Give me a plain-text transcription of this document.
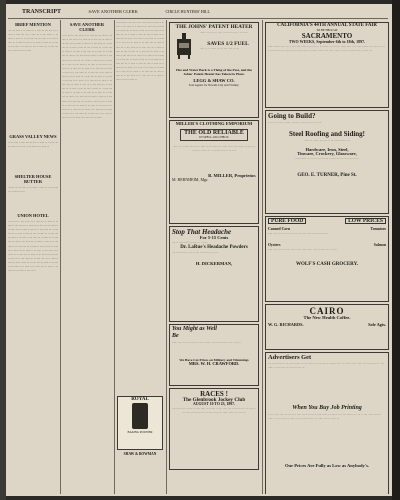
TRANSCRIPT	SAVE ANOTHER CLERK	CIRCLE HUNTERS' HILL
BRIEF MENTION
.. .. ... ..... .. ... ...... ... .. ..... ... .... ..... ... .. ...... .. ..... .... ... .. ...... ... .. .... ....... .. ... ...... .. ..... ... .. ... ..... .... ... ...... .. ... .... .. ..... ... .. ...... ... .... .. ... ...... .. ...... ... .. ..... ... .... ..... .. .. ..... ... .... .. ...... ... .. ..... .... ... .. ...... .... ... .. .....
GRASS VALLEY NEWS
.. ... ...... .. ..... .... ... ..... .. ...... ... .. ..... .... ... ...... .. ... ..... .. .... ..... ... .. ...... ...
SHELTER HOUSE BUTTER
.. ..... ... .... ..... .. ... ...... .. ..... ... .. .... ..... ... .. ...... ... ....
UNION HOTEL
.. ... ..... .. .... ...... ... .. ..... .... ... ...... .. ... ..... .. .... ..... ... .. ...... ... .. ..... .... ... ...... .. ... ..... .... ... ...... .. ..... ... .. .... ...... ... .. ..... .... ... .. ...... .. ..... ... .... .. ...... ... .. ..... .... ... ...... .. ... ..... .. .... ..... ... .. ...... ... .. ..... .... ... ...... .. ... ..... .... ... ...... .. ..... ... .. .... ...... ... .. ..... .... ... .. ...... .. ..... ... .... .. ...... ... .. ..... .... ... ...... .. ... ..... .. .... ..... ... .. ...... ... .. ..... .... ... ...... .. ... ..... .... ... ...... .. ..... ... .. .... ...... ... .. ..... .... ... .. ...... .. ..... ... .... .. ...... ... .. ..... .... ... ...... .. ... ..... .. .... ..... ... .. ...... ... .. ..... .... ... ...... .. ... ..... .... ... ...... .. ..... ... ..
SAVE ANOTHER CLERK
.. ... ..... .. .... ...... ... .. ..... .... ... ...... .. ... ..... .. .... ..... ... .. ...... ... .. ..... .... ... ...... .. ... ..... .... ... ...... .. ..... ... .. .... ...... ... .. ..... .... ... .. ...... .. ..... ... .... .. ...... ... .. ..... .... ... ...... .. ... ..... .. .... ..... ... .. ...... ... .. ..... .... ... ...... .. ... ..... .... ... ...... .. ..... ... .. .... ...... ... .. ..... .... ... .. ...... .. ..... ... .... .. ...... ... .. ..... .... ... ...... .. ... ..... .. .... ..... ... .. ...... ... .. ..... .... ... ...... .. ... ..... .... ... ...... .. ..... ... .. .... ...... ... .. ..... .... ... .. ...... .. ..... ... .... .. ...... ... .. ..... .... ... ...... .. ... ..... .. .... ..... ... .. ...... ... .. ..... .... ... ...... .. ... ..... .... ... ...... .. ..... ... .. .... ...... ... .. ..... .... ... .. ...... .. ..... ... .... .. ...... ... .. ..... .... ... ...... .. ... ..... .. .... ..... ... .. ...... ... .. ..... .... ... ...... .. ... ..... .... ... ...... .. ..... ... .. .... ...... ... .. ..... .... ... .. ...... .. ..... ... .... .. ...... ... .. ..... .... ... ...... .. ... ..... .. .... ..... ... .. ...... ... .. ..... .... ... ...... .. ... ..... .... ... ...... .. ..... ... .. .... ...... ... .. ..... .... ... .. ...... .. ..... ... .... .. ...... ... .. ..... .... ... ......
.. ... ..... .. .... ...... ... .. ..... .... ... ...... .. ... ..... .. .... ..... ... .. ...... ... .. ..... .... ... ...... .. ... ..... .... ... ...... .. ..... ... .. .... ...... ... .. ..... .... ... .. ...... .. ..... ... .... .. ...... ... .. ..... .... ... ...... .. ... ..... .. .... ..... ... .. ...... ... .. ..... .... ... ...... .. ... ..... .... ... ...... .. ..... ... .. .... ...... ... .. ..... .... ... .. ...... .. ..... ... .... .. ...... ... .. ..... .... ... ...... .. ... ..... .. .... ..... ... .. ...... ... .. ..... .... ... ...... .. ... ..... .... ... ...... .. ..... ... .. .... ...... ... .. ..... .... ... .. ...... .. ..... ... .... .. ...... ... .. ..... .... ... ...... .. ... ..... .. .... ..... ... .. ...... ... .. ..... .... ... ...... .. ... ..... .... ... ...... .. ..... ... .. .... ...... ... .. ..... .... ... .. ...... .. ..... ... .... .. ...... ...
ROYAL
BAKING POWDER
SHAW & BOWMAN
THE JOHNS' PATENT HEATER
....... ... ..... .. ..... ... .... ....... .. ... .....
SAVES 1/2 FUEL
..... .. .. ....... ... ... ..... .... .. ....
Hot and Water Back is a Thing of the Past, and the Johns' Patent Heater has Taken its Place.
LEGG & SHAW CO.
Sole Agents for Nevada City and Vicinity.
MILLER'S CLOTHING EMPORIUM
THE OLD RELIABLE
IN SPELL-ON-CHECK
...... ... ........ ... ..... .. ..... ... ... ...... ... ...... ... .. .... ...... ... ..... ... ...... ... ...... ... .. ........ ..... .. ... ....
B. MILLER, Proprietor.
M. BERNHEIM, Mgr.
Stop That Headache
For 5-15 Cents
.... .. ..........'.. ....... ... . ......
Dr. LaRue's Headache Powders
.... ...... .... .. .... .. .... ... ...... ..... ....
H. DICKERMAN,
You Might as Well Be
...... .... ... ..... ...... .. ..... ....... ... ...... ..... ... .... .. ......
We Have Cut Prices on Military and Trimmings
MRS. W. H. CRAWFORD.
RACES !
The Glenbrook Jockey Club
AUGUST 10 TO 23, 1897.
.... ..... ..... ....... ... .... ..... ... ....... .. .... ..... .... ...... ... .... ... ..... .. ... ..... ....... .... ... ... ...... ..... ... ...... ...... ... .... ....
CALIFORNIA'S 44TH ANNUAL STATE FAIR
TO BE HELD AT
SACRAMENTO
TWO WEEKS, September 6th to 18th, 1897.
...... ....... ..... ... .. ..... .... ...... ... ..... .... .. ....... ... ..... ... ...... ..... .. .. ..... ....... .... ..... ... .... .. ..... ...... ... ..... ... .... ..... ...... .. ....... .... .. .... ..... ...... ... .... .. ..... ...... .. ..... ....
Going to Build?
.. .... .. ..... .. ...... . ...... .. ..... ... ..... .. .....
Steel Roofing and Siding!
..... ... ....... ... ..... .. ... ..... ........ ...
Hardware, Iron, Steel,
Tinware, Crockery, Glassware,
..... ....... ... ...... ..... ........ .. ..... ... .... ..... ...... ....
GEO. E. TURNER, Pine St.
PURE FOOD	LOW PRICES
Canned Corn	Tomatoes
..... .... ..... .... ... ... ..... .... .... .... ..... ..... .... ...
Oysters	Salmon
..... .... .... ..... .... ... .... ... ..... ...... ... .... ..... .... ... ....
WOLF'S CASH GROCERY.
CAIRO
The New Health Coffee.
W. G. RICHARDS.	Sole Agts.
Advertisers Get
.... ..... ...... .. ... ..... ....... ... .... ...... .. ..... .... ... ....... ..... ... ...... .... .. ..... ... ...... ..... ... .... ...... .. ..... .... ... .... ..... ... ...
When You Buy Job Printing
.. .... ..... ..... ... ...... .. ..... .... .... .... .. ..... ...... ... ...... ..... .... ....... ... .... .. .... ...... ... .... ...... ... .... ...... .. ..... .... ... ....... ..... ... ...... .... .. ...... ...
Our Prices Are Fully as Low as Anybody's.
